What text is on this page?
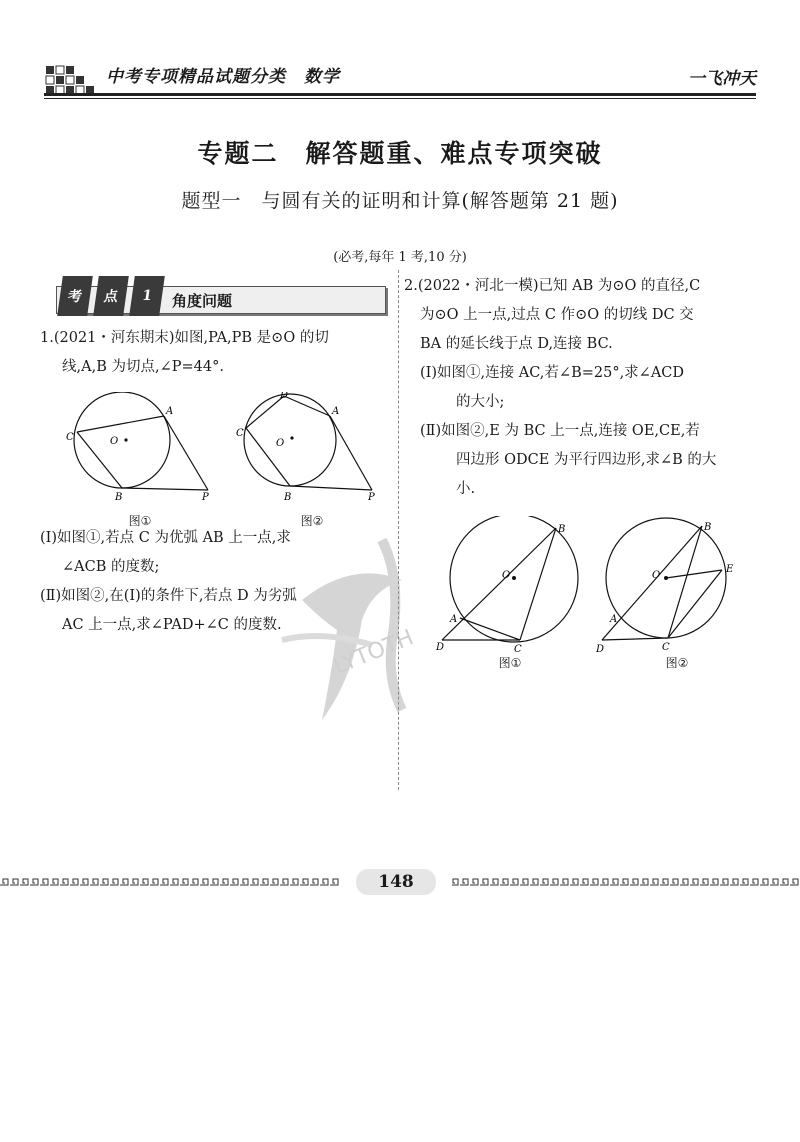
中考专项精品试题分类　数学	一飞冲天
专题二　解答题重、难点专项突破
题型一　与圆有关的证明和计算(解答题第 21 题)
(必考,每年 1 考,10 分)
考	点	1	角度问题
1.(2021・河东期末)如图,PA,PB 是⊙O 的切
线,A,B 为切点,∠P=44°.
A
B
C	O
P
图①
A
B
C
D
O
P
图②
(Ⅰ)如图①,若点 C 为优弧 AB 上一点,求
∠ACB 的度数;
(Ⅱ)如图②,在(Ⅰ)的条件下,若点 D 为劣弧
AC 上一点,求∠PAD+∠C 的度数.
2.(2022・河北一模)已知 AB 为⊙O 的直径,C
为⊙O 上一点,过点 C 作⊙O 的切线 DC 交
BA 的延长线于点 D,连接 BC.
(Ⅰ)如图①,连接 AC,若∠B=25°,求∠ACD
的大小;
(Ⅱ)如图②,E 为 BC 上一点,连接 OE,CE,若
四边形 ODCE 为平行四边形,求∠B 的大
小.
B
O
A
D	C
图①
B
O
E
A
D	C
图②
LYTOTH
148
